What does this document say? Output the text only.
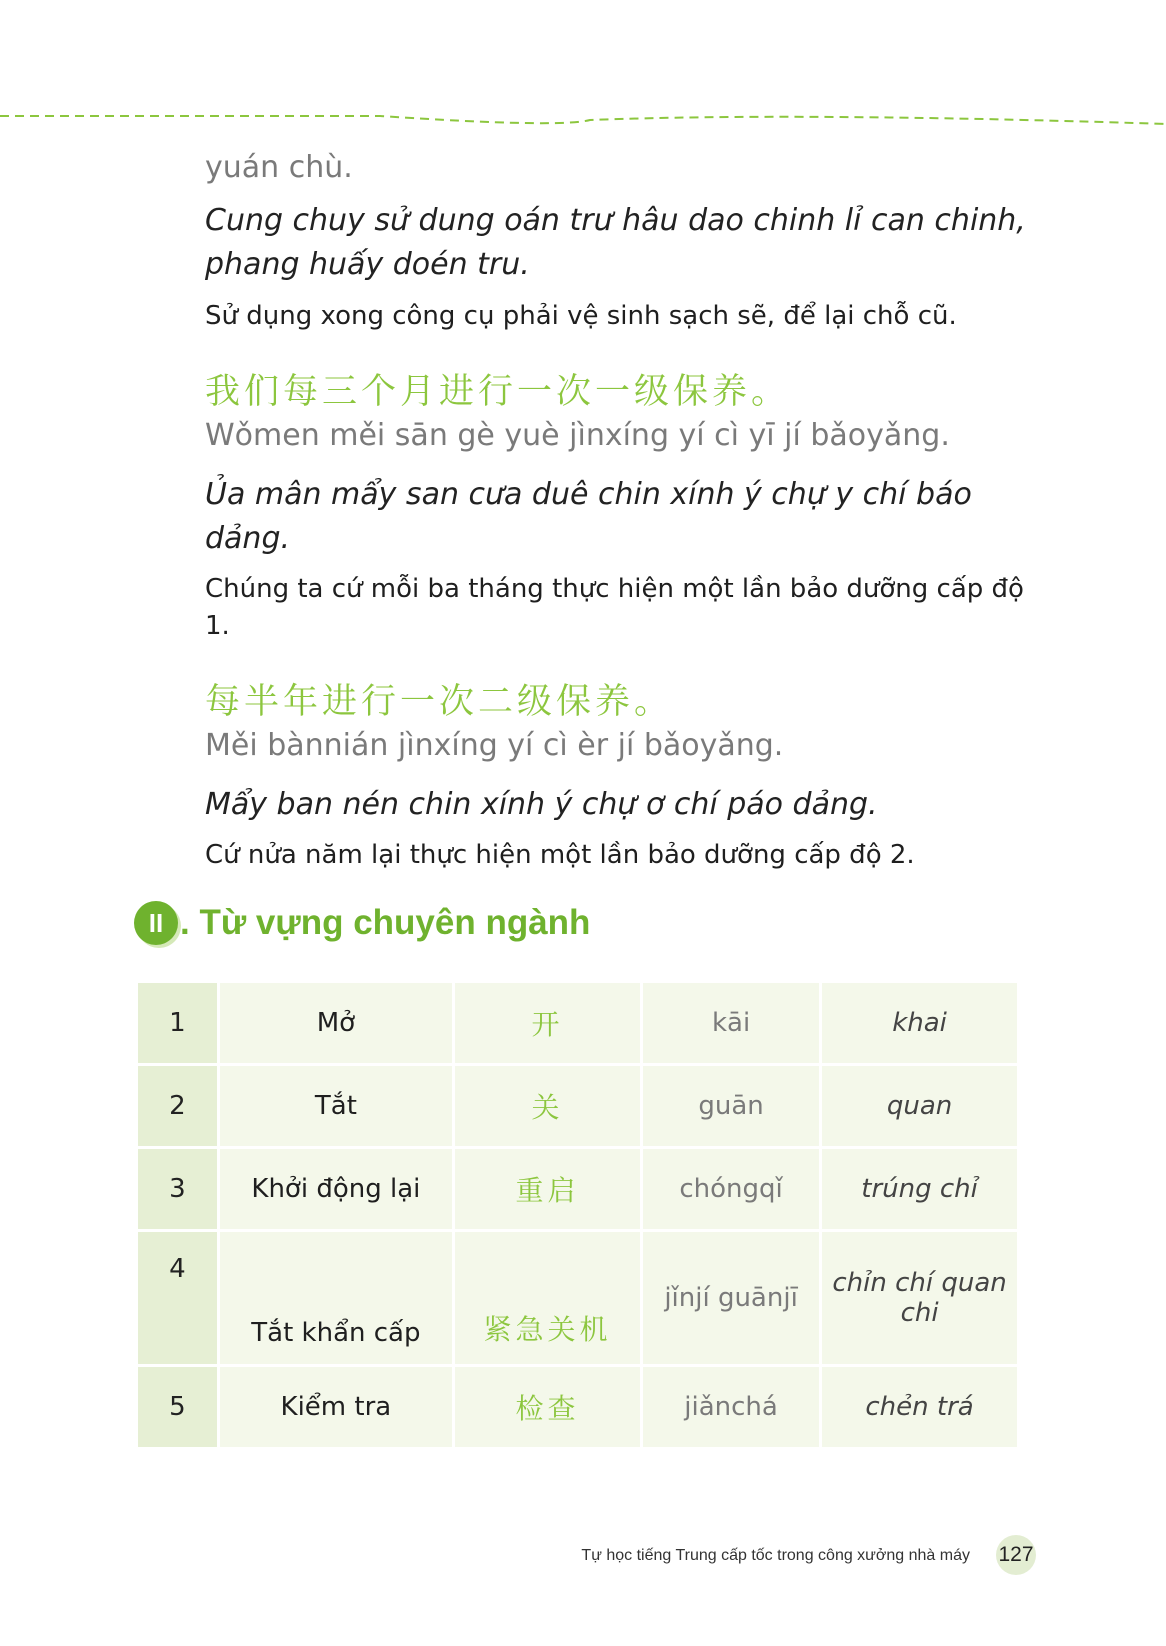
yuán chù.

Cung chuy sử dung oán trư hâu dao chinh lỉ can chinh, phang huấy doén tru.

Sử dụng xong công cụ phải vệ sinh sạch sẽ, để lại chỗ cũ.

我们每三个月进行一次一级保养。

Wǒmen měi sān gè yuè jìnxíng yí cì yī jí bǎoyǎng.

Ủa mân mẩy san cưa duê chin xính ý chự y chí báo dảng.

Chúng ta cứ mỗi ba tháng thực hiện một lần bảo dưỡng cấp độ 1.

每半年进行一次二级保养。

Měi bànnián jìnxíng yí cì èr jí bǎoyǎng.

Mẩy ban nén chin xính ý chự ơ chí páo dảng.

Cứ nửa năm lại thực hiện một lần bảo dưỡng cấp độ 2.

II . Từ vựng chuyên ngành
1	Mở	开	kāi	khai
2	Tắt	关	guān	quan
3	Khởi động lại	重启	chóngqǐ	trúng chỉ
4	Tắt khẩn cấp	紧急关机	jǐnjí guānjī	chỉn chí quan chi
5	Kiểm tra	检查	jiǎnchá	chẻn trá
Tự học tiếng Trung cấp tốc trong công xưởng nhà máy 127
